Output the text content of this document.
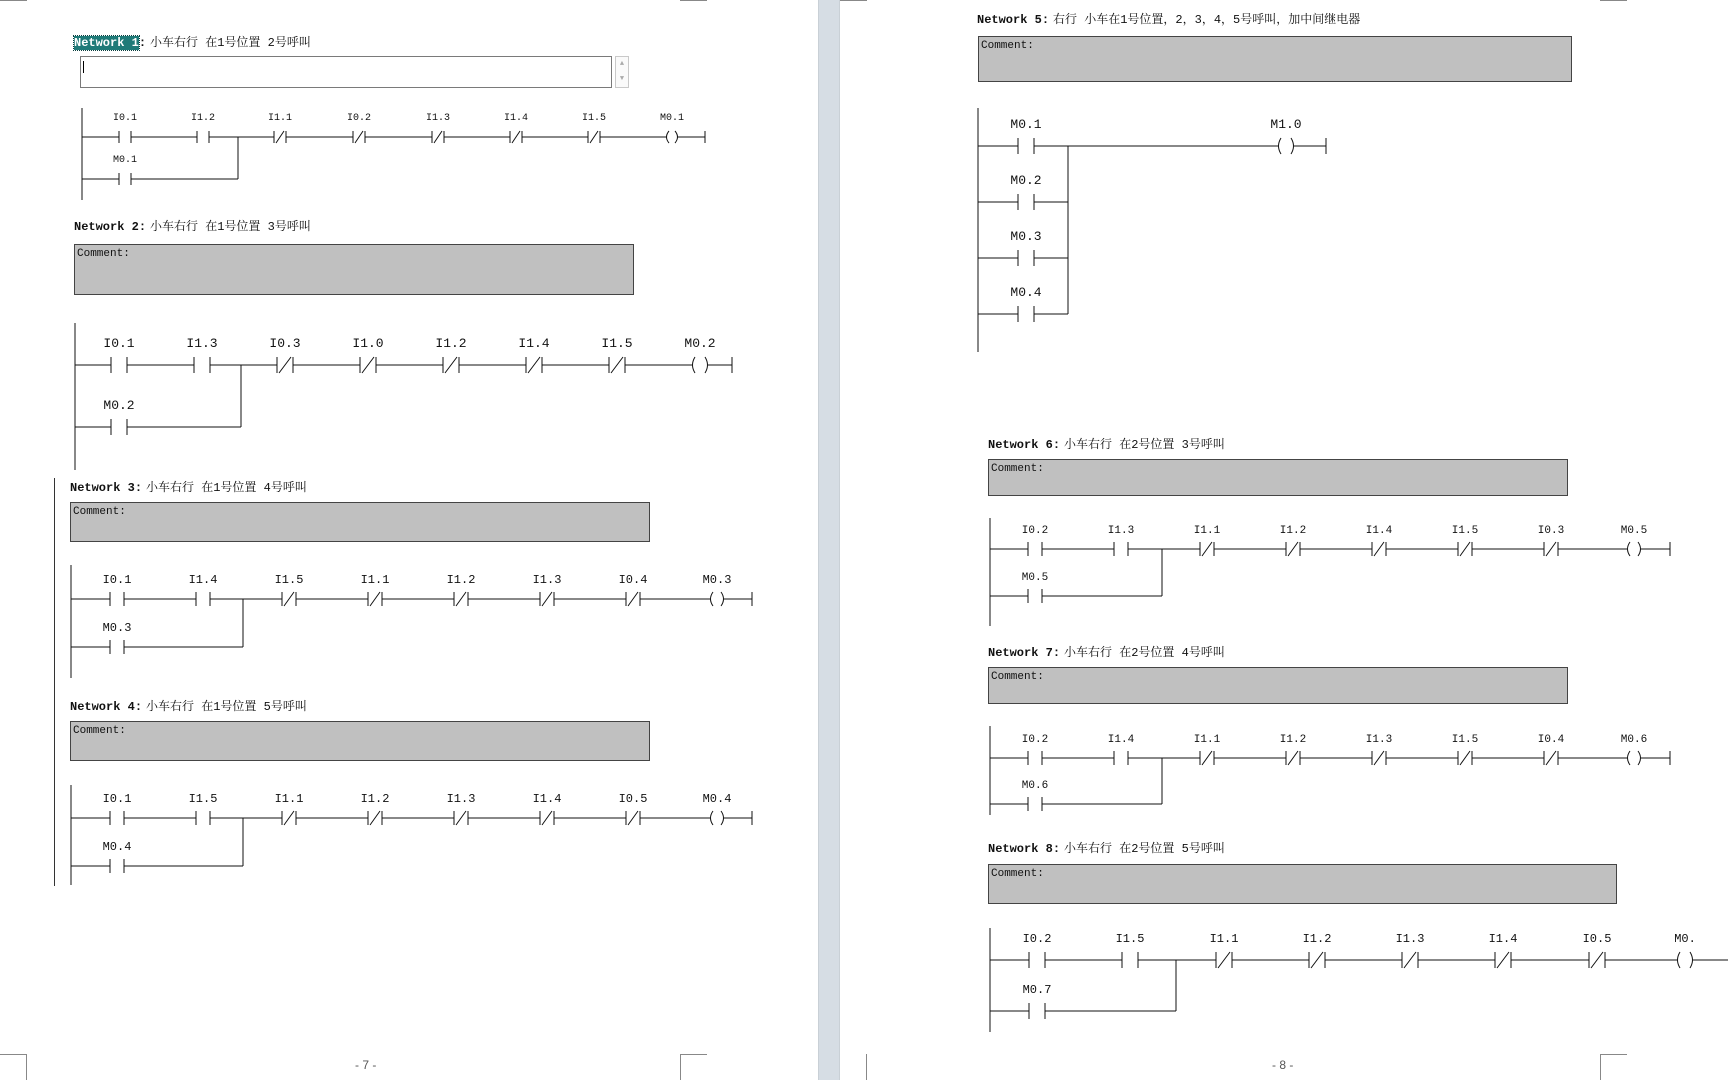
- 7 -
Network 1: 小车右行 在1号位置 2号呼叫
▲
▼
I0.1	I1.2	I1.1	I0.2	I1.3	I1.4	I1.5	M0.1
M0.1
Network 2: 小车右行 在1号位置 3号呼叫
Comment:
I0.1	I1.3	I0.3	I1.0	I1.2	I1.4	I1.5	M0.2
M0.2
Network 3: 小车右行 在1号位置 4号呼叫
Comment:
I0.1	I1.4	I1.5	I1.1	I1.2	I1.3	I0.4	M0.3
M0.3
Network 4: 小车右行 在1号位置 5号呼叫
Comment:
I0.1	I1.5	I1.1	I1.2	I1.3	I1.4	I0.5	M0.4
M0.4
- 8 -
Network 5: 右行 小车在1号位置，2，3，4，5号呼叫，加中间继电器
Comment:
M0.1
M0.2
M0.3
M0.4
M1.0
Network 6: 小车右行 在2号位置 3号呼叫
Comment:
I0.2	I1.3	I1.1	I1.2	I1.4	I1.5	I0.3	M0.5
M0.5
Network 7: 小车右行 在2号位置 4号呼叫
Comment:
I0.2	I1.4	I1.1	I1.2	I1.3	I1.5	I0.4	M0.6
M0.6
Network 8: 小车右行 在2号位置 5号呼叫
Comment:
I0.2	I1.5	I1.1	I1.2	I1.3	I1.4	I0.5	M0.
M0.7
